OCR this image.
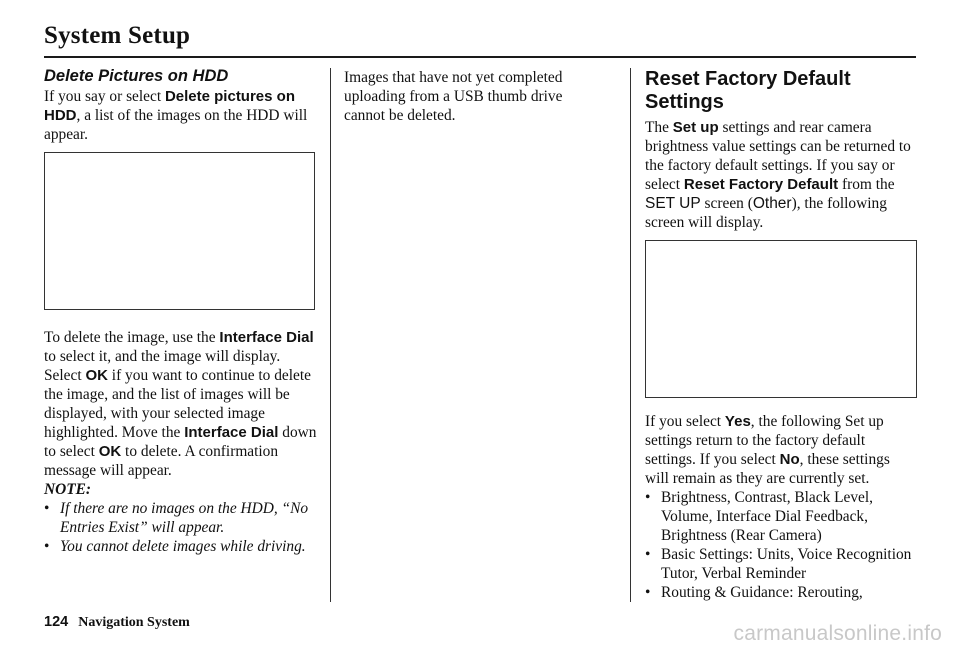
System Setup
Delete Pictures on HDD

If you say or select Delete pictures on HDD, a list of the images on the HDD will appear.

To delete the image, use the Interface Dial to select it, and the image will display. Select OK if you want to continue to delete the image, and the list of images will be displayed, with your selected image highlighted. Move the Interface Dial down to select OK to delete. A confirmation message will appear.

NOTE:

• If there are no images on the HDD, “No Entries Exist” will appear.
• You cannot delete images while driving.

Images that have not yet completed uploading from a USB thumb drive cannot be deleted.

Reset Factory Default Settings

The Set up settings and rear camera brightness value settings can be returned to the factory default settings. If you say or select Reset Factory Default from the SET UP screen (Other), the following screen will display.

If you select Yes, the following Set up settings return to the factory default settings. If you select No, these settings will remain as they are currently set.

• Brightness, Contrast, Black Level, Volume, Interface Dial Feedback, Brightness (Rear Camera)
• Basic Settings: Units, Voice Recognition Tutor, Verbal Reminder
• Routing & Guidance: Rerouting,
124 Navigation System	carmanualsonline.info
